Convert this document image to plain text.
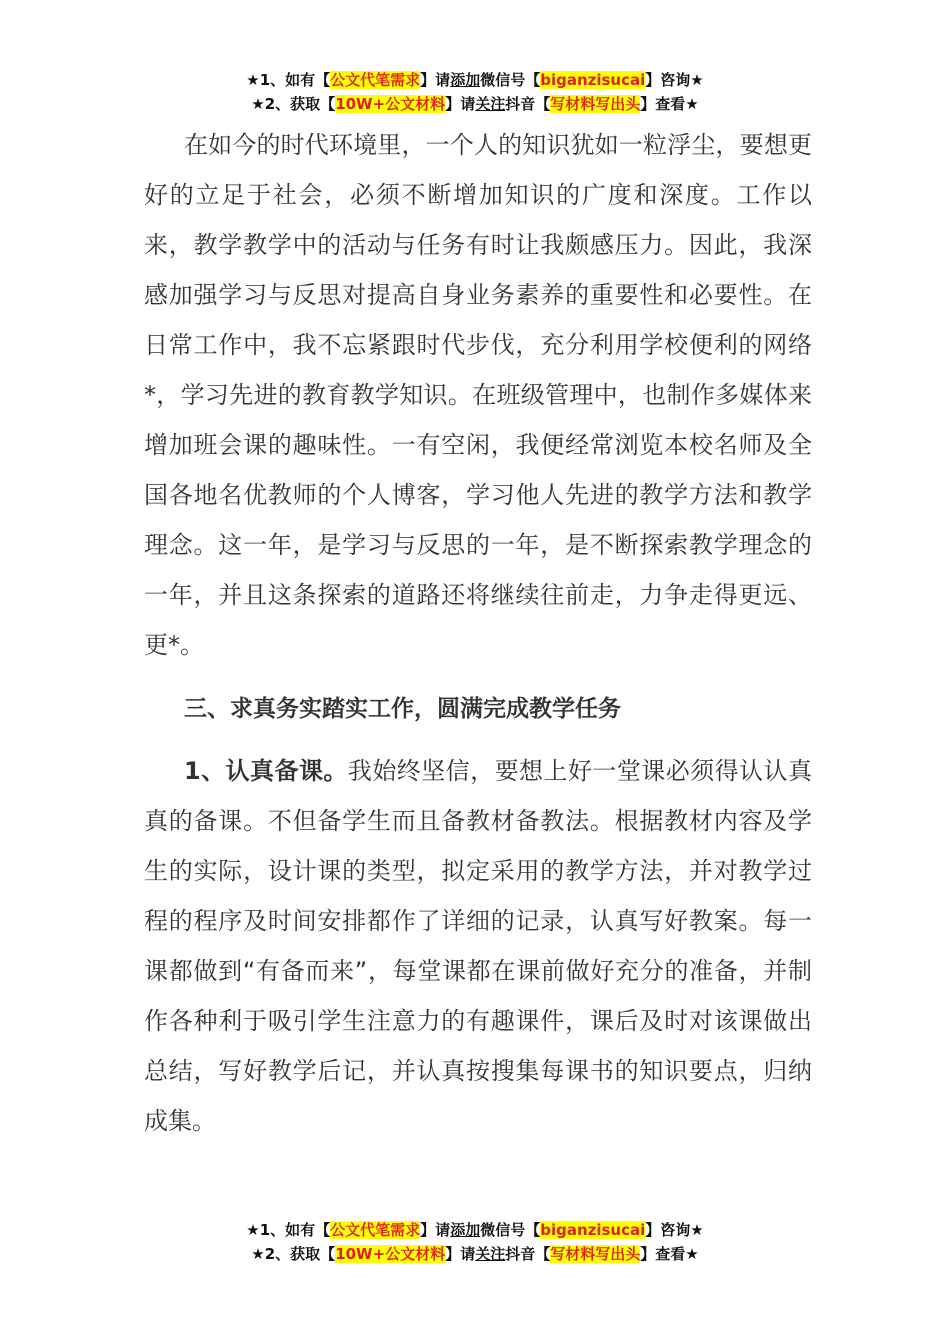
★1、如有【公文代笔需求】请添加微信号【biganzisucai】咨询★
★2、获取【10W+公文材料】请关注抖音【写材料写出头】查看★

在如今的时代环境里，一个人的知识犹如一粒浮尘，要想更好的立足于社会，必须不断增加知识的广度和深度。工作以来，教学教学中的活动与任务有时让我颇感压力。因此，我深感加强学习与反思对提高自身业务素养的重要性和必要性。在日常工作中，我不忘紧跟时代步伐，充分利用学校便利的网络*，学习先进的教育教学知识。在班级管理中，也制作多媒体来增加班会课的趣味性。一有空闲，我便经常浏览本校名师及全国各地名优教师的个人博客，学习他人先进的教学方法和教学理念。这一年，是学习与反思的一年，是不断探索教学理念的一年，并且这条探索的道路还将继续往前走，力争走得更远、更*。

三、求真务实踏实工作，圆满完成教学任务

1、认真备课。我始终坚信，要想上好一堂课必须得认认真真的备课。不但备学生而且备教材备教法。根据教材内容及学生的实际，设计课的类型，拟定采用的教学方法，并对教学过程的程序及时间安排都作了详细的记录，认真写好教案。每一课都做到“有备而来”，每堂课都在课前做好充分的准备，并制作各种利于吸引学生注意力的有趣课件，课后及时对该课做出总结，写好教学后记，并认真按搜集每课书的知识要点，归纳成集。

★1、如有【公文代笔需求】请添加微信号【biganzisucai】咨询★
★2、获取【10W+公文材料】请关注抖音【写材料写出头】查看★
